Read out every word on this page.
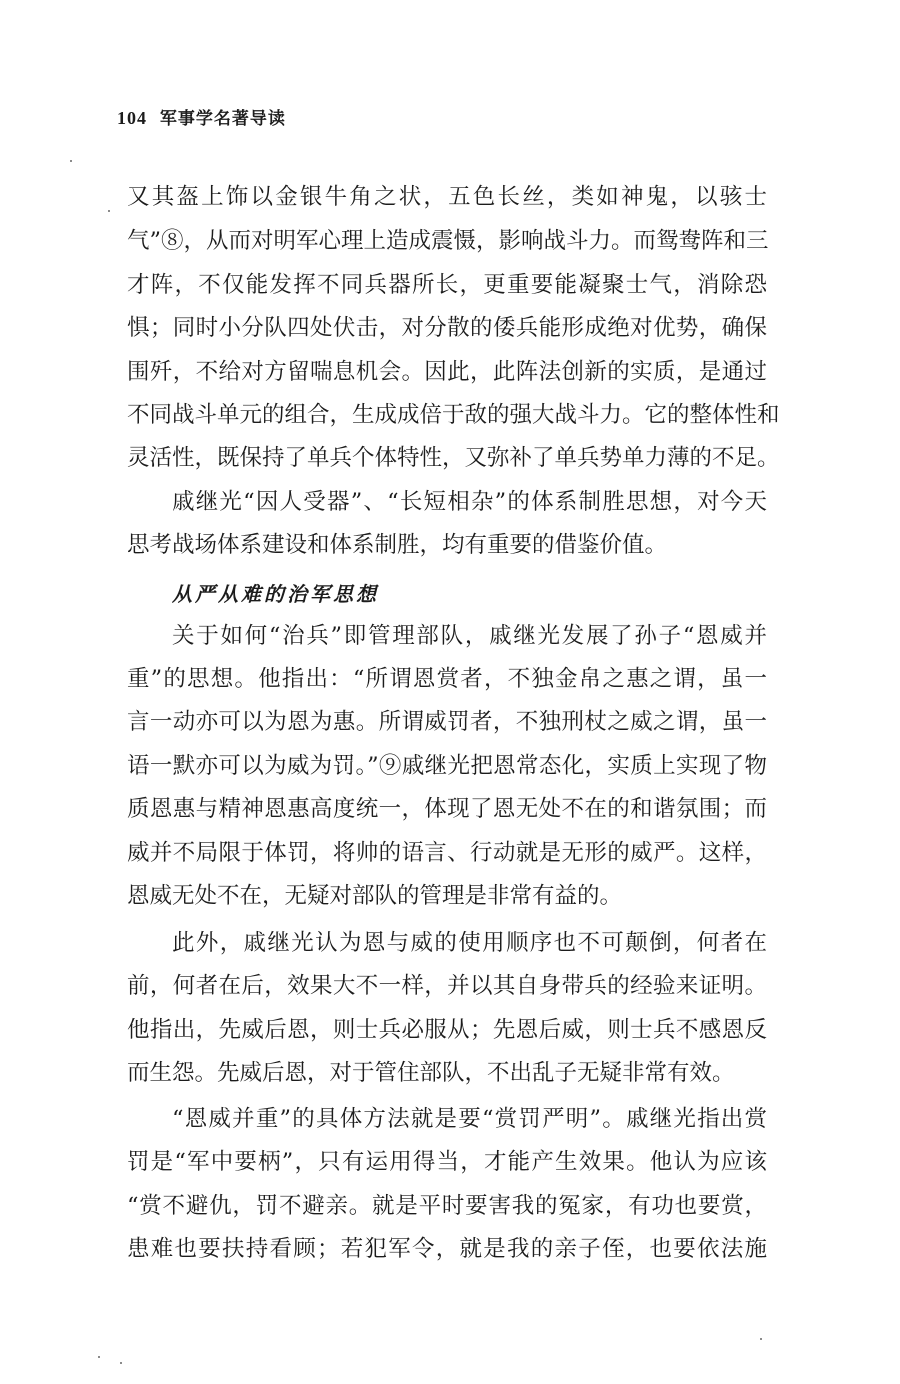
104 军事学名著导读
又其盔上饰以金银牛角之状，五色长丝，类如神鬼，以骇士
气”⑧，从而对明军心理上造成震慑，影响战斗力。而鸳鸯阵和三
才阵，不仅能发挥不同兵器所长，更重要能凝聚士气，消除恐
惧；同时小分队四处伏击，对分散的倭兵能形成绝对优势，确保
围歼，不给对方留喘息机会。因此，此阵法创新的实质，是通过
不同战斗单元的组合，生成成倍于敌的强大战斗力。它的整体性和
灵活性，既保持了单兵个体特性，又弥补了单兵势单力薄的不足。
戚继光“因人受器”、“长短相杂”的体系制胜思想，对今天
思考战场体系建设和体系制胜，均有重要的借鉴价值。
从严从难的治军思想
关于如何“治兵”即管理部队，戚继光发展了孙子“恩威并
重”的思想。他指出：“所谓恩赏者，不独金帛之惠之谓，虽一
言一动亦可以为恩为惠。所谓威罚者，不独刑杖之威之谓，虽一
语一默亦可以为威为罚。”⑨戚继光把恩常态化，实质上实现了物
质恩惠与精神恩惠高度统一，体现了恩无处不在的和谐氛围；而
威并不局限于体罚，将帅的语言、行动就是无形的威严。这样，
恩威无处不在，无疑对部队的管理是非常有益的。
此外，戚继光认为恩与威的使用顺序也不可颠倒，何者在
前，何者在后，效果大不一样，并以其自身带兵的经验来证明。
他指出，先威后恩，则士兵必服从；先恩后威，则士兵不感恩反
而生怨。先威后恩，对于管住部队，不出乱子无疑非常有效。
“恩威并重”的具体方法就是要“赏罚严明”。戚继光指出赏
罚是“军中要柄”，只有运用得当，才能产生效果。他认为应该
“赏不避仇，罚不避亲。就是平时要害我的冤家，有功也要赏，
患难也要扶持看顾；若犯军令，就是我的亲子侄，也要依法施
